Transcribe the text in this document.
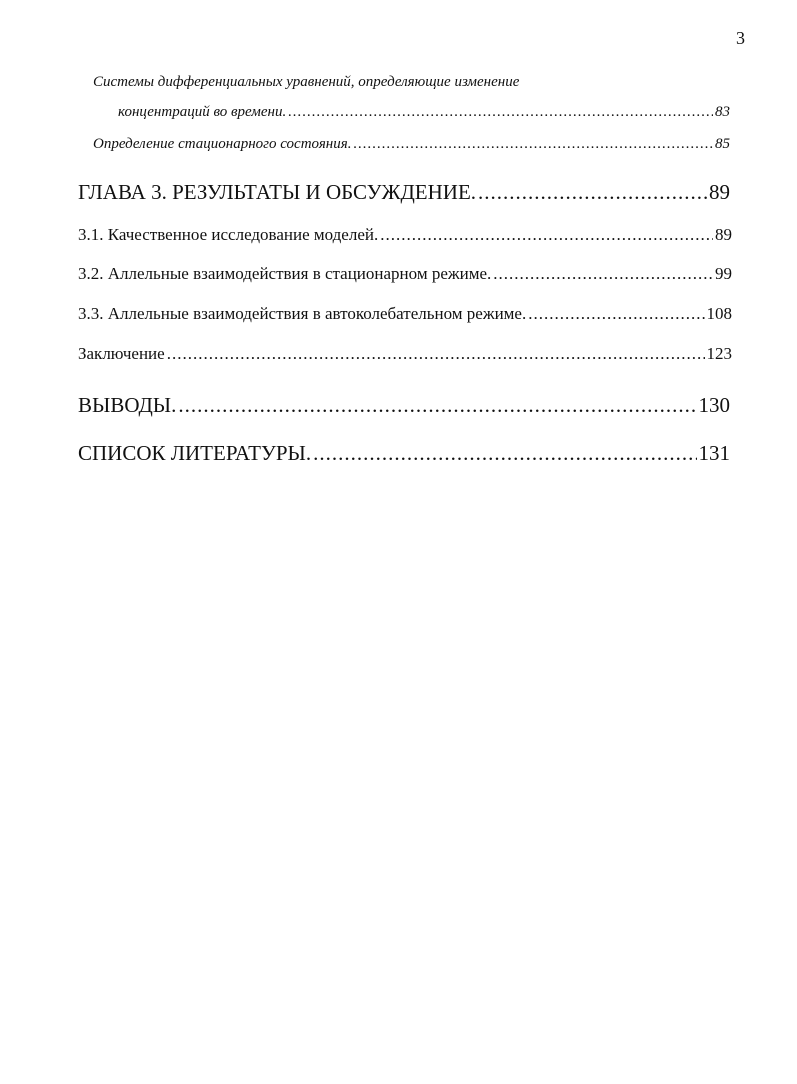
3
Системы дифференциальных уравнений, определяющие изменение
концентраций во времени. .....	83
Определение стационарного состояния. .....	85
ГЛАВА 3. РЕЗУЛЬТАТЫ И ОБСУЖДЕНИЕ. .....	89
3.1. Качественное исследование моделей. .....	89
3.2. Аллельные взаимодействия в стационарном режиме. .....	99
3.3. Аллельные взаимодействия в автоколебательном режиме. .....	108
Заключение .....	123
ВЫВОДЫ. .....	130
СПИСОК ЛИТЕРАТУРЫ. .....	131
